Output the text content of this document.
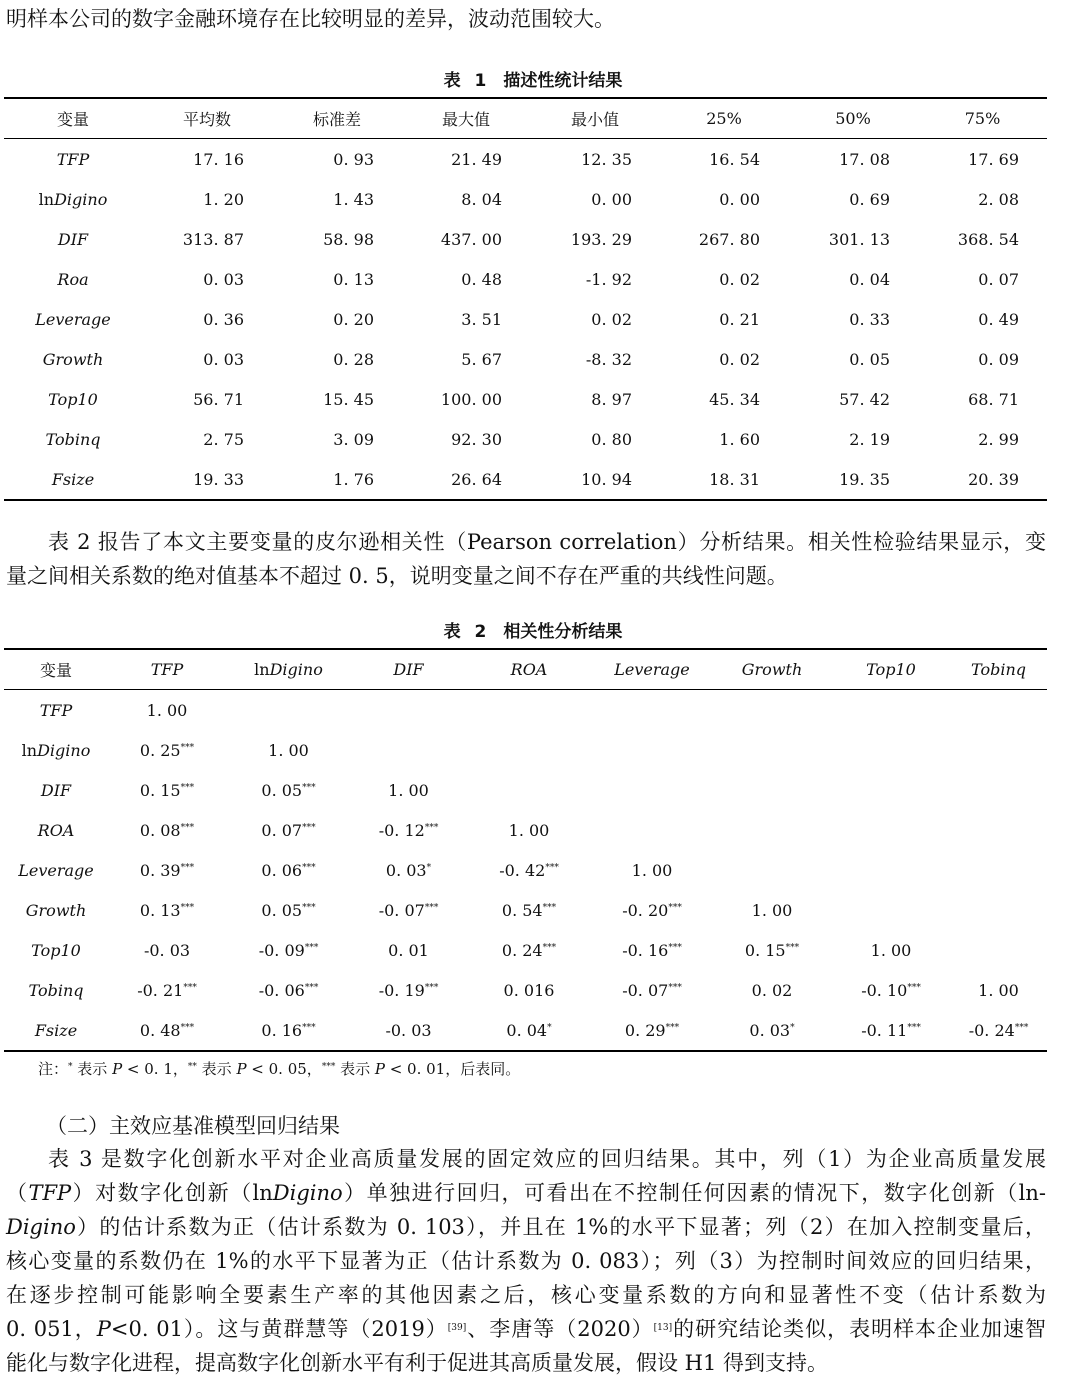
明样本公司的数字金融环境存在比较明显的差异，波动范围较大。

表 1　描述性统计结果
变量	平均数	标准差	最大值	最小值	25%	50%	75%
TFP	17. 16	0. 93	21. 49	12. 35	16. 54	17. 08	17. 69
lnDigino	1. 20	1. 43	8. 04	0. 00	0. 00	0. 69	2. 08
DIF	313. 87	58. 98	437. 00	193. 29	267. 80	301. 13	368. 54
Roa	0. 03	0. 13	0. 48	-1. 92	0. 02	0. 04	0. 07
Leverage	0. 36	0. 20	3. 51	0. 02	0. 21	0. 33	0. 49
Growth	0. 03	0. 28	5. 67	-8. 32	0. 02	0. 05	0. 09
Top10	56. 71	15. 45	100. 00	8. 97	45. 34	57. 42	68. 71
Tobinq	2. 75	3. 09	92. 30	0. 80	1. 60	2. 19	2. 99
Fsize	19. 33	1. 76	26. 64	10. 94	18. 31	19. 35	20. 39

表 2 报告了本文主要变量的皮尔逊相关性（Pearson correlation）分析结果。相关性检验结果显示，变

量之间相关系数的绝对值基本不超过 0. 5，说明变量之间不存在严重的共线性问题。

表 2　相关性分析结果
变量	TFP	lnDigino	DIF	ROA	Leverage	Growth	Top10	Tobinq
TFP	1. 00							
lnDigino	0. 25***	1. 00						
DIF	0. 15***	0. 05***	1. 00					
ROA	0. 08***	0. 07***	-0. 12***	1. 00				
Leverage	0. 39***	0. 06***	0. 03*	-0. 42***	1. 00			
Growth	0. 13***	0. 05***	-0. 07***	0. 54***	-0. 20***	1. 00		
Top10	-0. 03	-0. 09***	0. 01	0. 24***	-0. 16***	0. 15***	1. 00	
Tobinq	-0. 21***	-0. 06***	-0. 19***	0. 016	-0. 07***	0. 02	-0. 10***	1. 00
Fsize	0. 48***	0. 16***	-0. 03	0. 04*	0. 29***	0. 03*	-0. 11***	-0. 24***
注：* 表示 P < 0. 1，** 表示 P < 0. 05，*** 表示 P < 0. 01，后表同。
（二）主效应基准模型回归结果

表 3 是数字化创新水平对企业高质量发展的固定效应的回归结果。其中，列（1）为企业高质量发展

（TFP）对数字化创新（lnDigino）单独进行回归，可看出在不控制任何因素的情况下，数字化创新（ln-

Digino）的估计系数为正（估计系数为 0. 103），并且在 1%的水平下显著；列（2）在加入控制变量后，

核心变量的系数仍在 1%的水平下显著为正（估计系数为 0. 083）；列（3）为控制时间效应的回归结果，

在逐步控制可能影响全要素生产率的其他因素之后，核心变量系数的方向和显著性不变（估计系数为

0. 051，P<0. 01）。这与黄群慧等（2019）[39]、李唐等（2020）[13]的研究结论类似，表明样本企业加速智

能化与数字化进程，提高数字化创新水平有利于促进其高质量发展，假设 H1 得到支持。
